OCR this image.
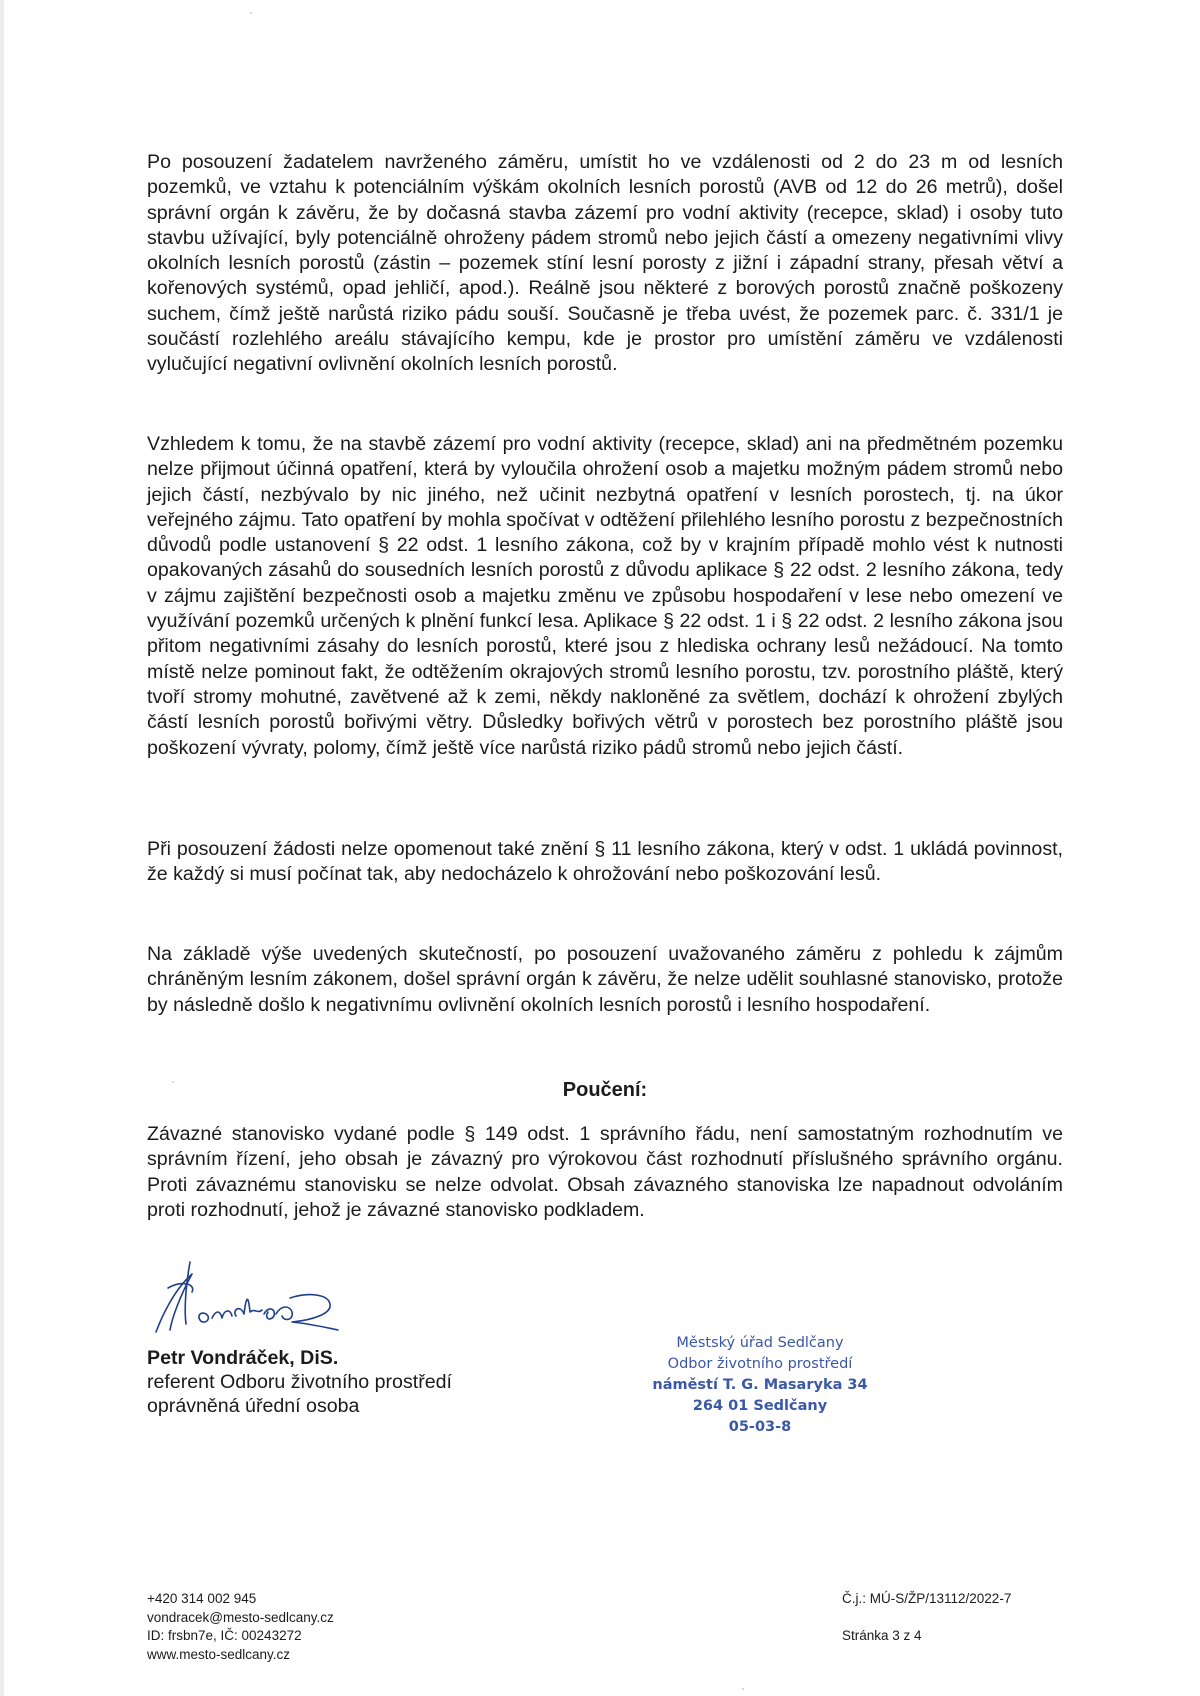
Po posouzení žadatelem navrženého záměru, umístit ho ve vzdálenosti od 2 do 23 m od lesních pozemků, ve vztahu k potenciálním výškám okolních lesních porostů (AVB od 12 do 26 metrů), došel správní orgán k závěru, že by dočasná stavba zázemí pro vodní aktivity (recepce, sklad) i osoby tuto stavbu užívající, byly potenciálně ohroženy pádem stromů nebo jejich částí a omezeny negativními vlivy okolních lesních porostů (zástin – pozemek stíní lesní porosty z jižní i západní strany, přesah větví a kořenových systémů, opad jehličí, apod.). Reálně jsou některé z borových porostů značně poškozeny suchem, čímž ještě narůstá riziko pádu souší. Současně je třeba uvést, že pozemek parc. č. 331/1 je součástí rozlehlého areálu stávajícího kempu, kde je prostor pro umístění záměru ve vzdálenosti vylučující negativní ovlivnění okolních lesních porostů.

Vzhledem k tomu, že na stavbě zázemí pro vodní aktivity (recepce, sklad) ani na předmětném pozemku nelze přijmout účinná opatření, která by vyloučila ohrožení osob a majetku možným pádem stromů nebo jejich částí, nezbývalo by nic jiného, než učinit nezbytná opatření v lesních porostech, tj. na úkor veřejného zájmu. Tato opatření by mohla spočívat v odtěžení přilehlého lesního porostu z bezpečnostních důvodů podle ustanovení § 22 odst. 1 lesního zákona, což by v krajním případě mohlo vést k nutnosti opakovaných zásahů do sousedních lesních porostů z důvodu aplikace § 22 odst. 2 lesního zákona, tedy v zájmu zajištění bezpečnosti osob a majetku změnu ve způsobu hospodaření v lese nebo omezení ve využívání pozemků určených k plnění funkcí lesa. Aplikace § 22 odst. 1 i § 22 odst. 2 lesního zákona jsou přitom negativními zásahy do lesních porostů, které jsou z hlediska ochrany lesů nežádoucí. Na tomto místě nelze pominout fakt, že odtěžením okrajových stromů lesního porostu, tzv. porostního pláště, který tvoří stromy mohutné, zavětvené až k zemi, někdy nakloněné za světlem, dochází k ohrožení zbylých částí lesních porostů bořivými větry. Důsledky bořivých větrů v porostech bez porostního pláště jsou poškození vývraty, polomy, čímž ještě více narůstá riziko pádů stromů nebo jejich částí.

Při posouzení žádosti nelze opomenout také znění § 11 lesního zákona, který v odst. 1 ukládá povinnost, že každý si musí počínat tak, aby nedocházelo k ohrožování nebo poškozování lesů.

Na základě výše uvedených skutečností, po posouzení uvažovaného záměru z pohledu k zájmům chráněným lesním zákonem, došel správní orgán k závěru, že nelze udělit souhlasné stanovisko, protože by následně došlo k negativnímu ovlivnění okolních lesních porostů i lesního hospodaření.

Poučení:

Závazné stanovisko vydané podle § 149 odst. 1 správního řádu, není samostatným rozhodnutím ve správním řízení, jeho obsah je závazný pro výrokovou část rozhodnutí příslušného správního orgánu. Proti závaznému stanovisku se nelze odvolat. Obsah závazného stanoviska lze napadnout odvoláním proti rozhodnutí, jehož je závazné stanovisko podkladem.

Petr Vondráček, DiS.
referent Odboru životního prostředí
oprávněná úřední osoba
Městský úřad Sedlčany
Odbor životního prostředí
náměstí T. G. Masaryka 34
264 01 Sedlčany
05-03-8
+420 314 002 945
vondracek@mesto-sedlcany.cz
ID: frsbn7e, IČ: 00243272
www.mesto-sedlcany.cz
Č.j.: MÚ-S/ŽP/13112/2022-7
Stránka 3 z 4
